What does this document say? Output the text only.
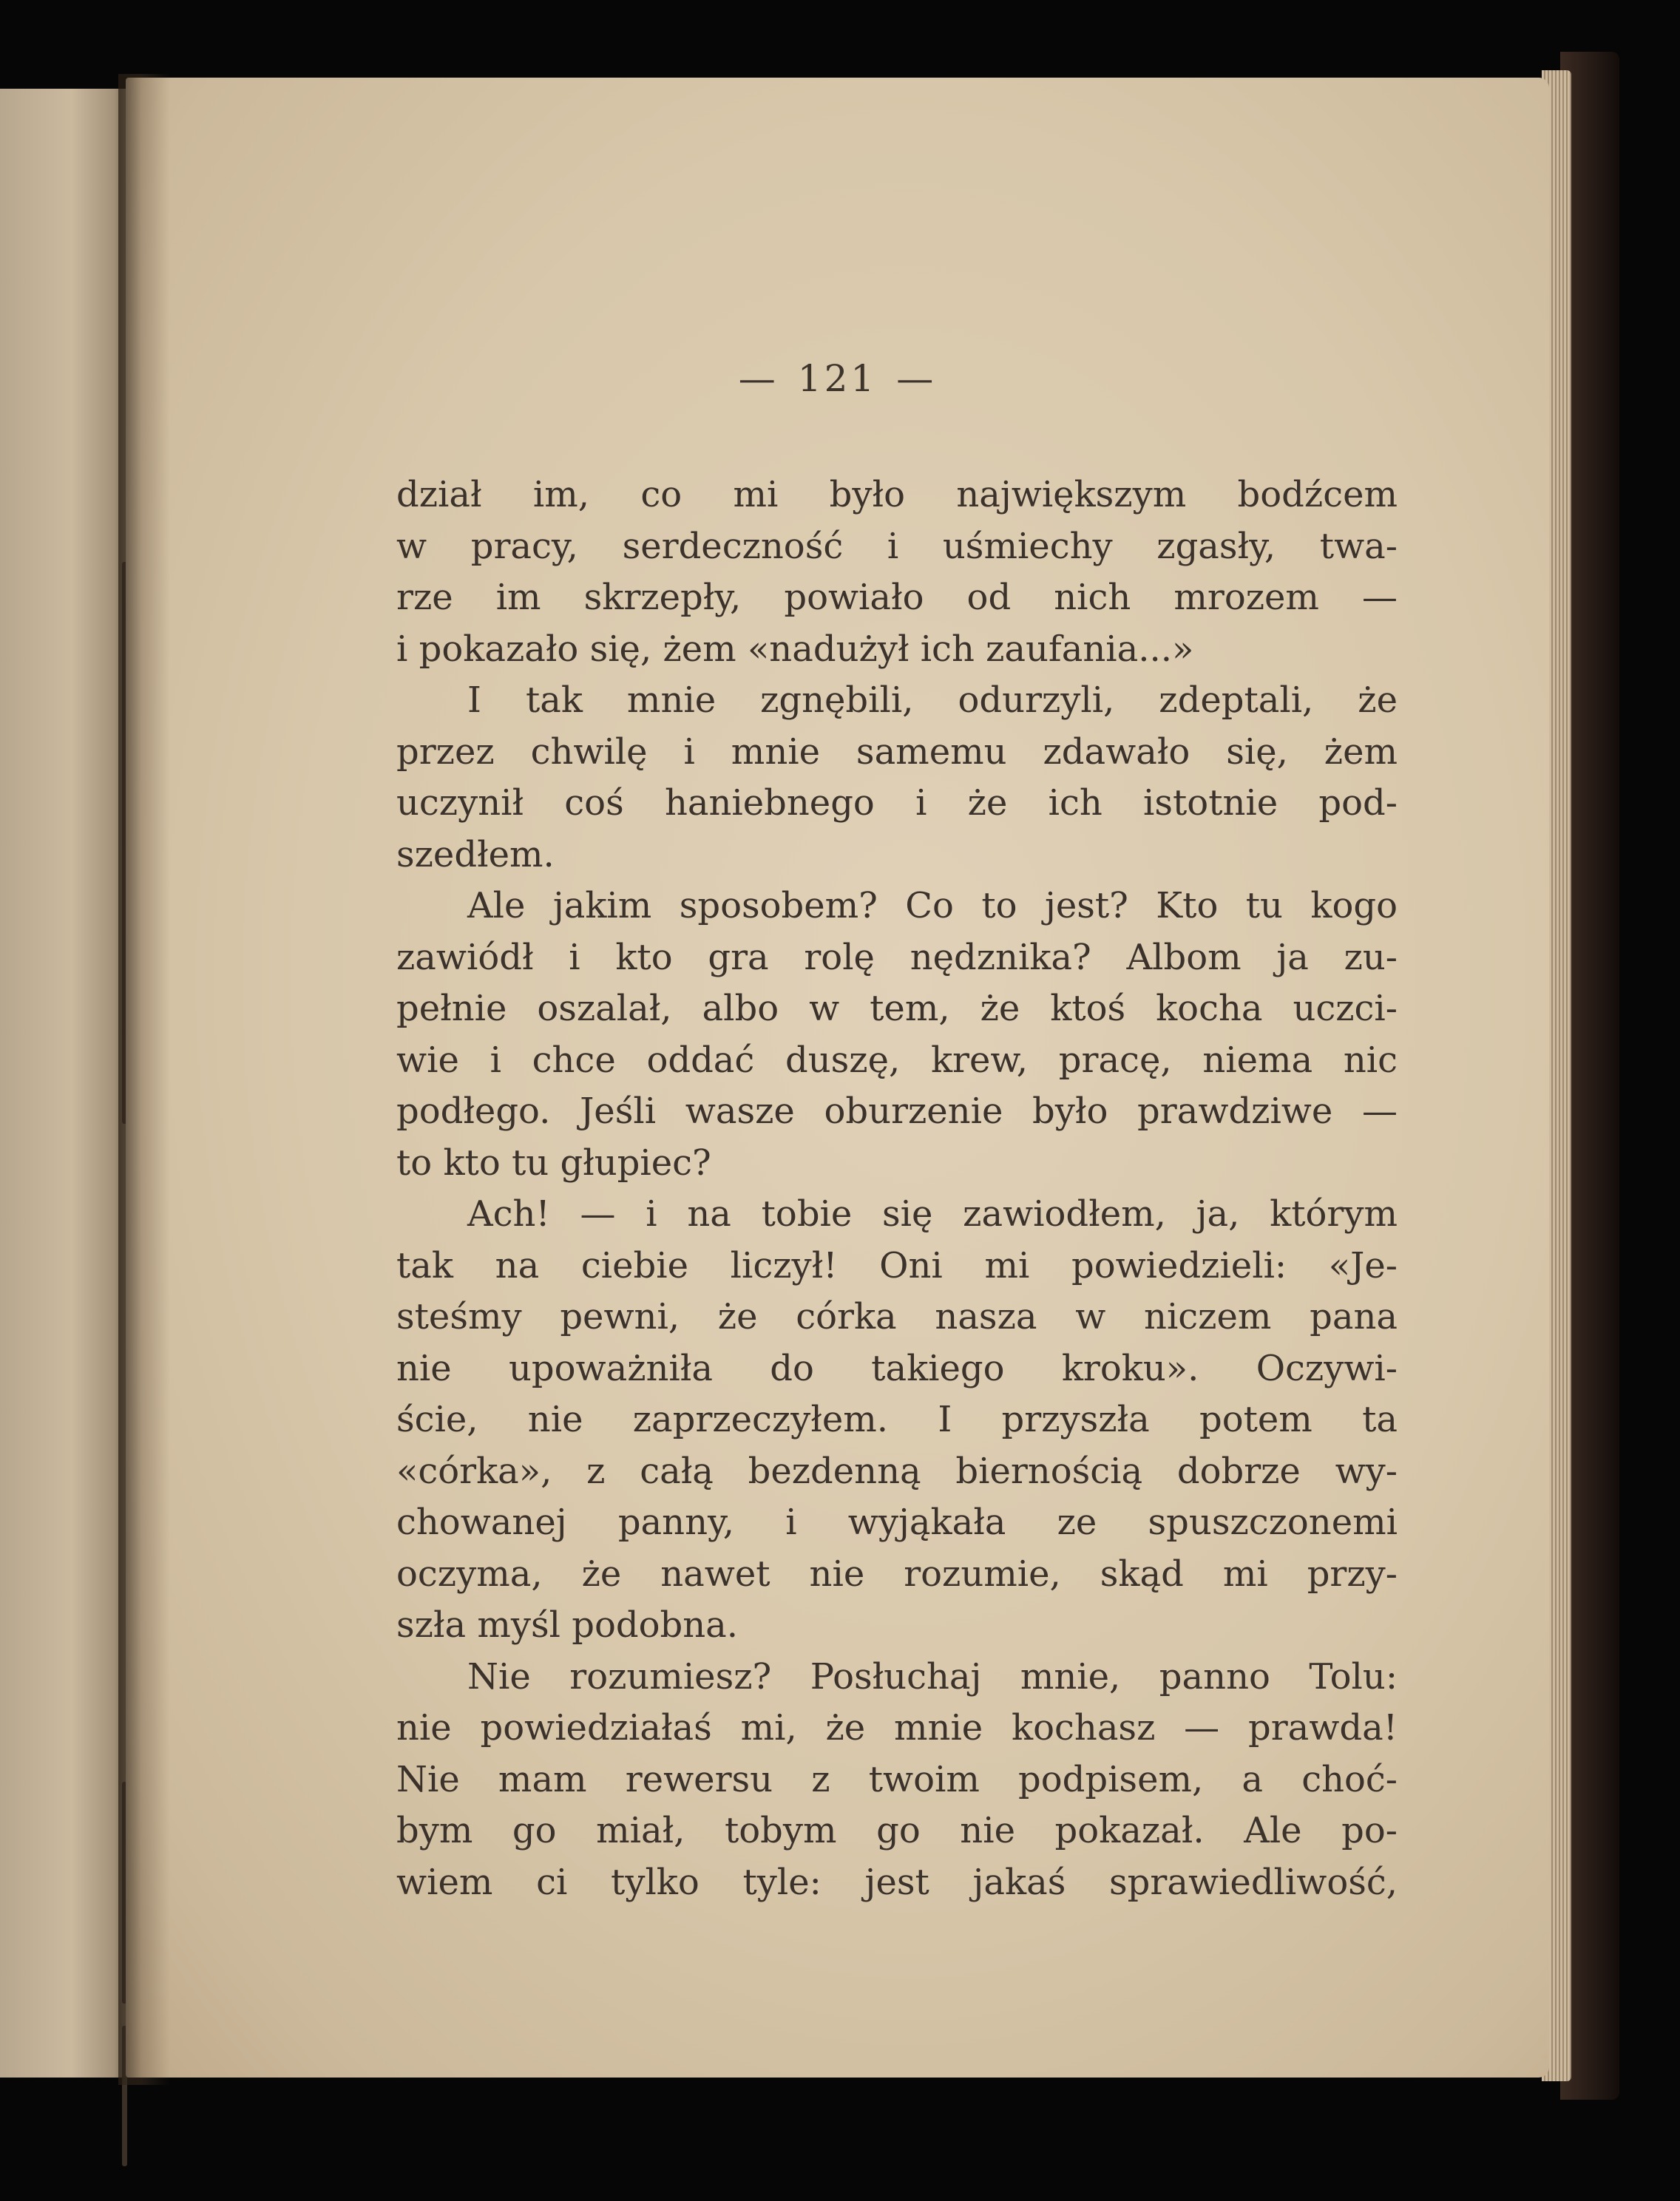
— 121 —
dział im, co mi było największym bodźcem
w pracy, serdeczność i uśmiechy zgasły, twa-
rze im skrzepły, powiało od nich mrozem —
i pokazało się, żem «nadużył ich zaufania...»
I tak mnie zgnębili, odurzyli, zdeptali, że
przez chwilę i mnie samemu zdawało się, żem
uczynił coś haniebnego i że ich istotnie pod-
szedłem.
Ale jakim sposobem? Co to jest? Kto tu kogo
zawiódł i kto gra rolę nędznika? Albom ja zu-
pełnie oszalał, albo w tem, że ktoś kocha uczci-
wie i chce oddać duszę, krew, pracę, niema nic
podłego. Jeśli wasze oburzenie było prawdziwe —
to kto tu głupiec?
Ach! — i na tobie się zawiodłem, ja, którym
tak na ciebie liczył! Oni mi powiedzieli: «Je-
steśmy pewni, że córka nasza w niczem pana
nie upoważniła do takiego kroku». Oczywi-
ście, nie zaprzeczyłem. I przyszła potem ta
«córka», z całą bezdenną biernością dobrze wy-
chowanej panny, i wyjąkała ze spuszczonemi
oczyma, że nawet nie rozumie, skąd mi przy-
szła myśl podobna.
Nie rozumiesz? Posłuchaj mnie, panno Tolu:
nie powiedziałaś mi, że mnie kochasz — prawda!
Nie mam rewersu z twoim podpisem, a choć-
bym go miał, tobym go nie pokazał. Ale po-
wiem ci tylko tyle: jest jakaś sprawiedliwość,
